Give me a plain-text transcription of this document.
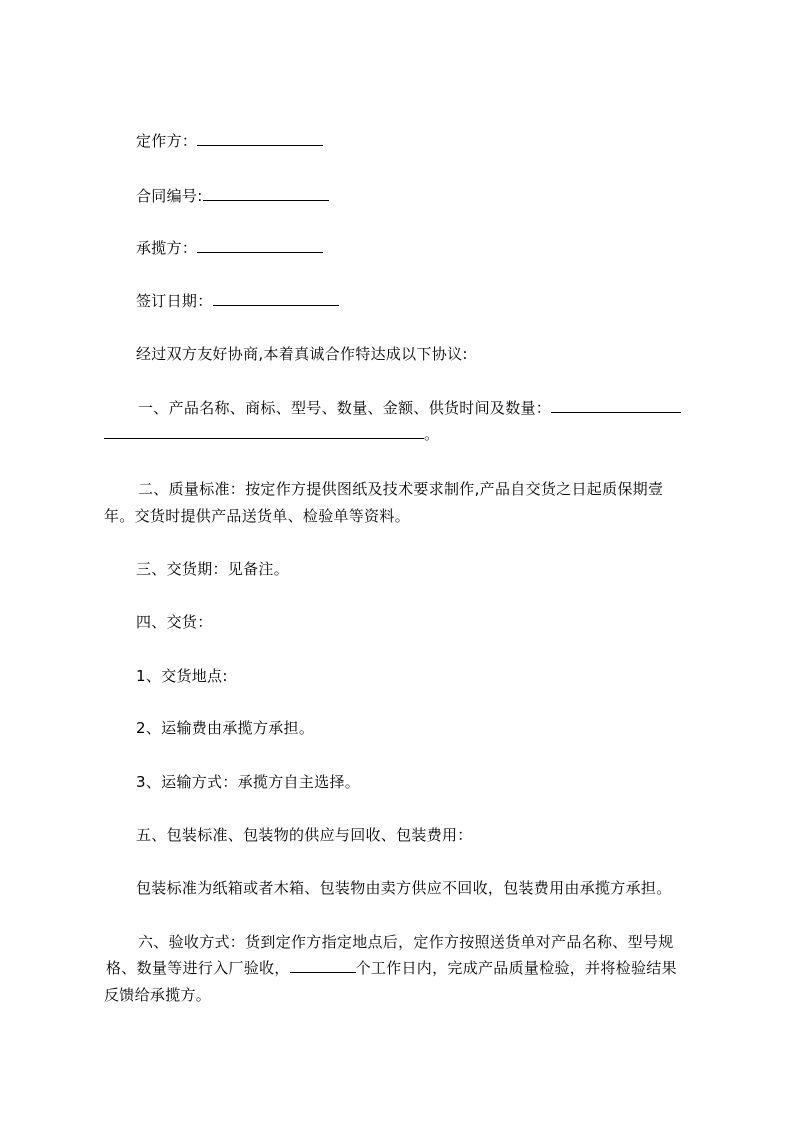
定作方：
合同编号:
承揽方：
签订日期：
经过双方友好协商,本着真诚合作特达成以下协议:
一、产品名称、商标、型号、数量、金额、供货时间及数量：
。
二、质量标准：按定作方提供图纸及技术要求制作,产品自交货之日起质保期壹
年。交货时提供产品送货单、检验单等资料。
三、交货期：见备注。
四、交货：
1、交货地点:
2、运输费由承揽方承担。
3、运输方式：承揽方自主选择。
五、包装标准、包装物的供应与回收、包装费用：
包装标准为纸箱或者木箱、包装物由卖方供应不回收，包装费用由承揽方承担。
六、验收方式：货到定作方指定地点后，定作方按照送货单对产品名称、型号规
格、数量等进行入厂验收，	个工作日内，完成产品质量检验，并将检验结果
反馈给承揽方。
